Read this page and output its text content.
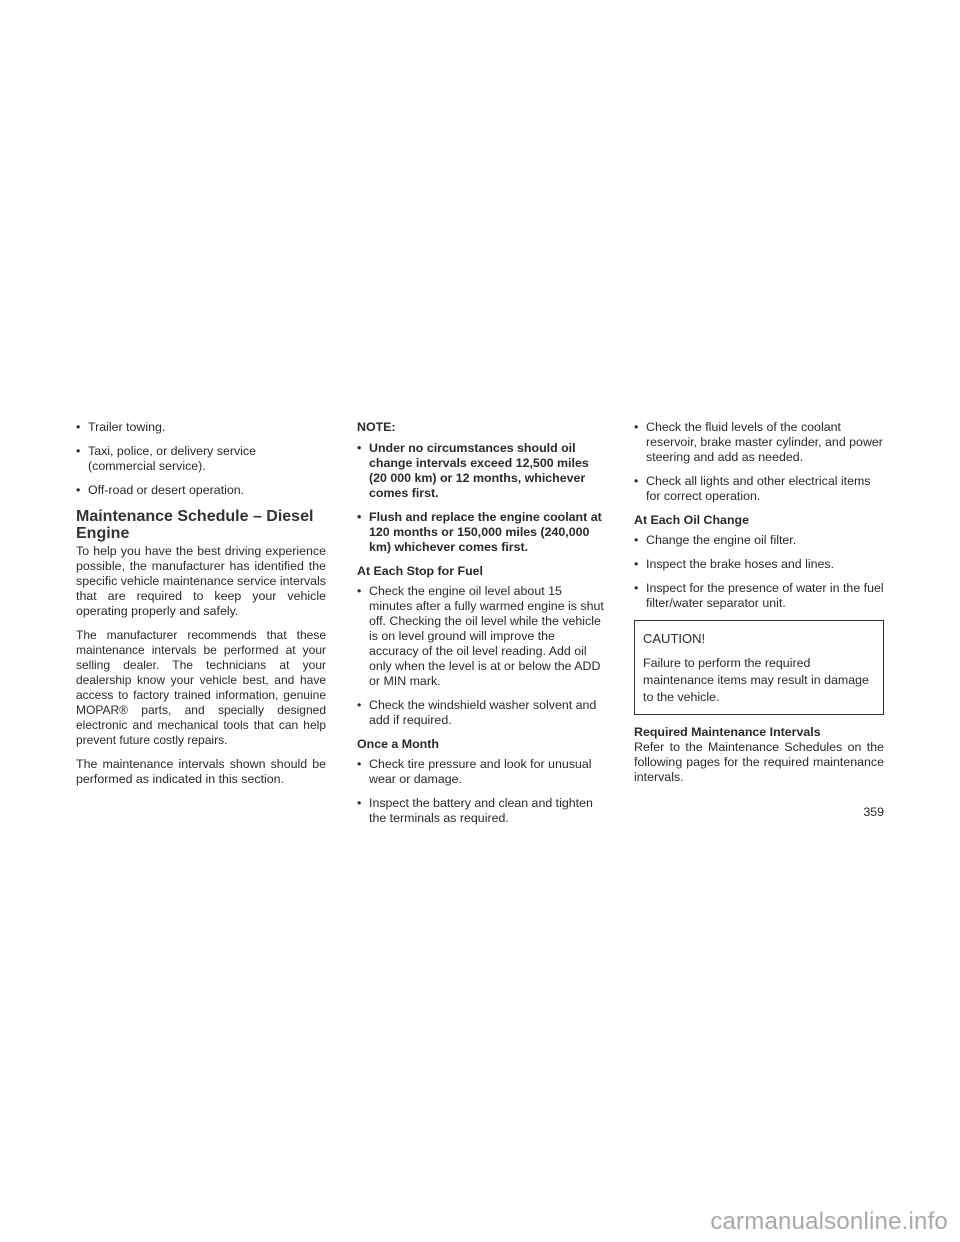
• Trailer towing.
• Taxi, police, or delivery service (commercial service).
• Off-road or desert operation.
Maintenance Schedule – Diesel Engine

To help you have the best driving experience possible, the manufacturer has identified the specific vehicle maintenance service intervals that are required to keep your vehicle operating properly and safely.

The manufacturer recommends that these maintenance intervals be performed at your selling dealer. The technicians at your dealership know your vehicle best, and have access to factory trained information, genuine MOPAR® parts, and specially designed electronic and mechanical tools that can help prevent future costly repairs.

The maintenance intervals shown should be performed as indicated in this section.

NOTE:
• Under no circumstances should oil change intervals exceed 12,500 miles (20 000 km) or 12 months, whichever comes first.
• Flush and replace the engine coolant at 120 months or 150,000 miles (240,000 km) whichever comes first.
At Each Stop for Fuel
• Check the engine oil level about 15 minutes after a fully warmed engine is shut off. Checking the oil level while the vehicle is on level ground will improve the accuracy of the oil level reading. Add oil only when the level is at or below the ADD or MIN mark.
• Check the windshield washer solvent and add if required.
Once a Month
• Check tire pressure and look for unusual wear or damage.
• Inspect the battery and clean and tighten the terminals as required.
• Check the fluid levels of the coolant reservoir, brake master cylinder, and power steering and add as needed.
• Check all lights and other electrical items for correct operation.
At Each Oil Change
• Change the engine oil filter.
• Inspect the brake hoses and lines.
• Inspect for the presence of water in the fuel filter/water separator unit.
CAUTION!

Failure to perform the required maintenance items may result in damage to the vehicle.

Required Maintenance Intervals

Refer to the Maintenance Schedules on the following pages for the required maintenance intervals.

359
carmanualsonline.info
